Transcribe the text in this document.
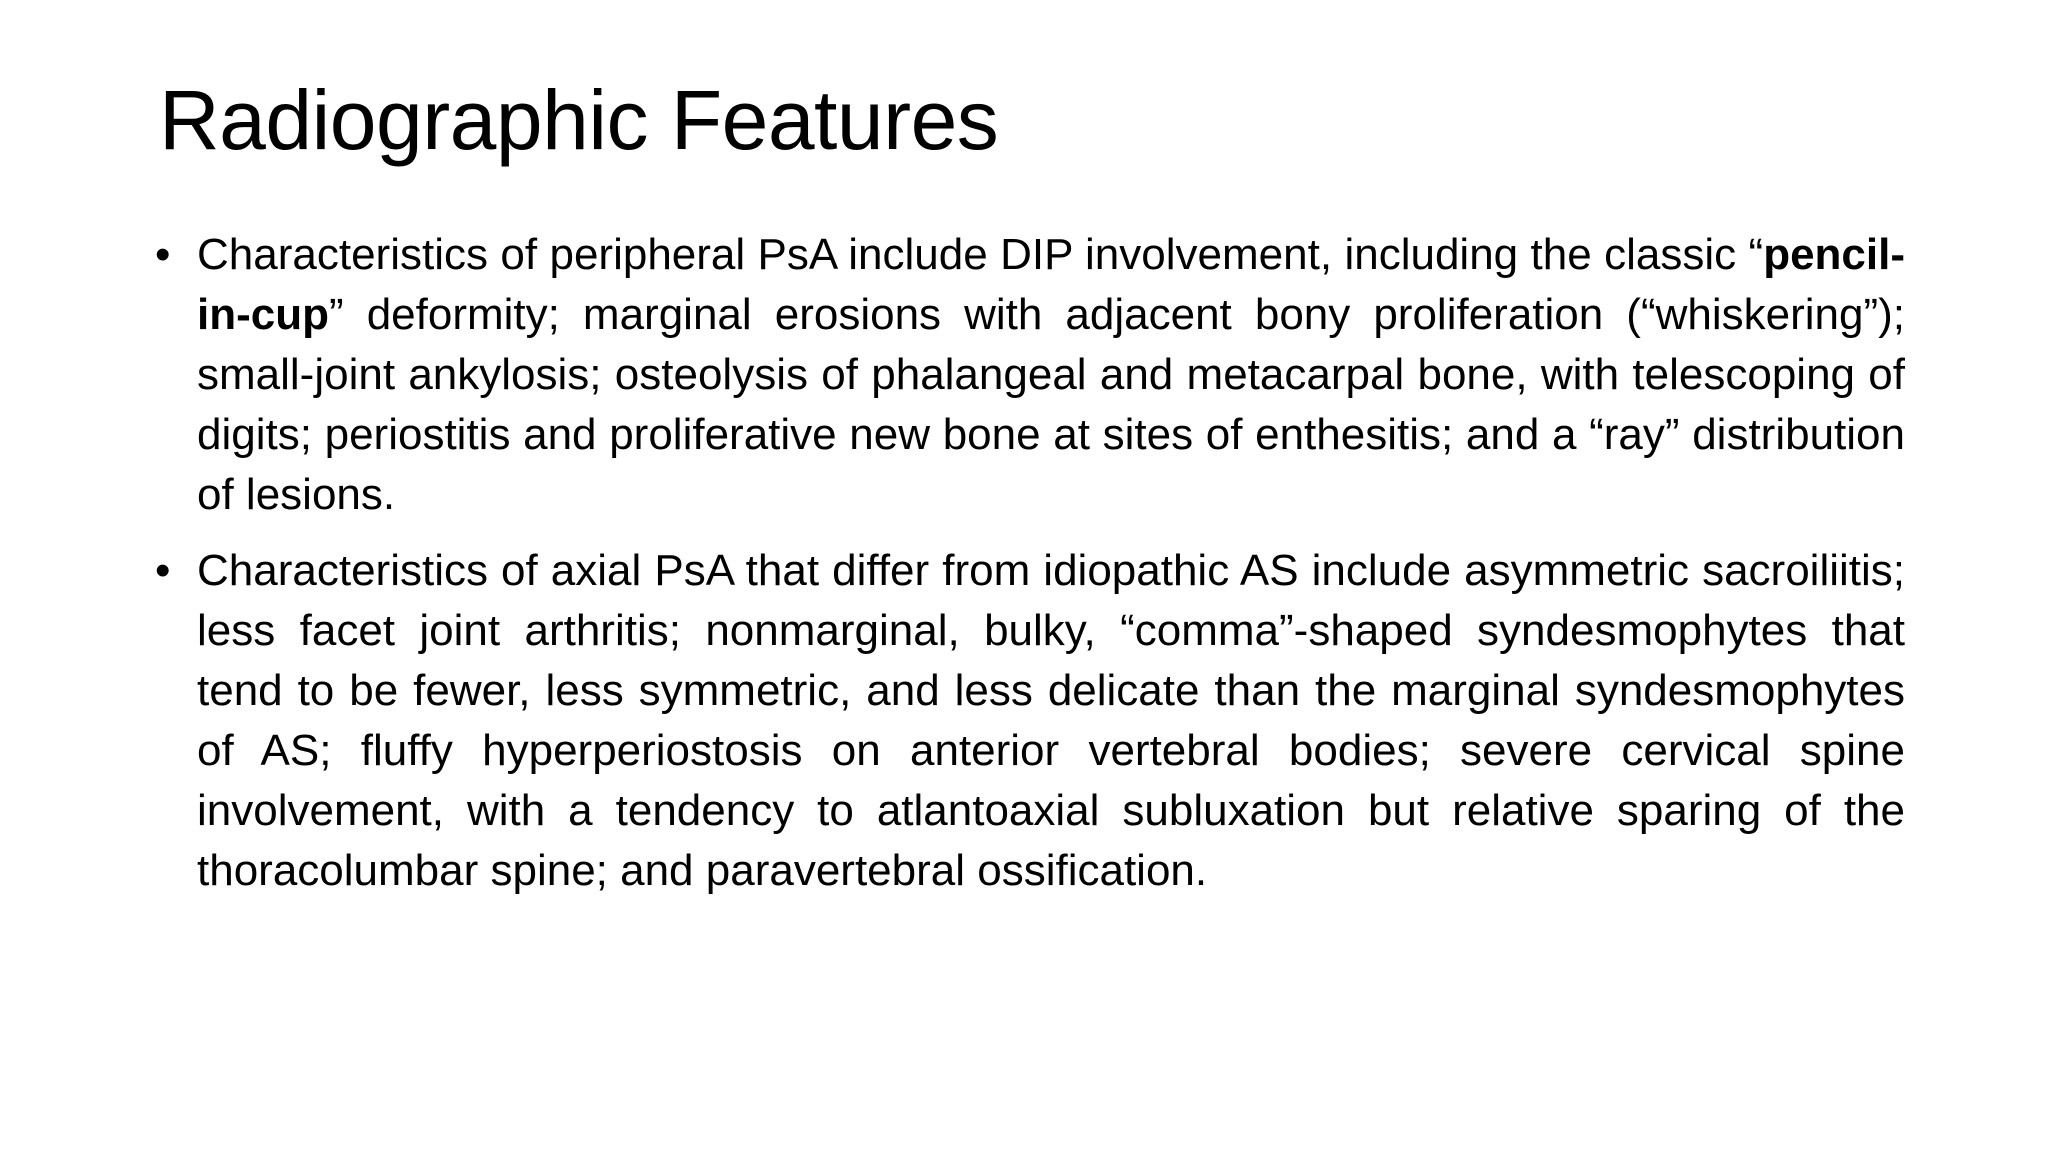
Radiographic Features
• Characteristics of peripheral PsA include DIP involvement, including the classic “pencil-in-cup” deformity; marginal erosions with adjacent bony proliferation (“whiskering”); small-joint ankylosis; osteolysis of phalangeal and metacarpal bone, with telescoping of digits; periostitis and proliferative new bone at sites of enthesitis; and a “ray” distribution of lesions.
• Characteristics of axial PsA that differ from idiopathic AS include asymmetric sacroiliitis; less facet joint arthritis; nonmarginal, bulky, “comma”-shaped syndesmophytes that tend to be fewer, less symmetric, and less delicate than the marginal syndesmophytes of AS; fluffy hyperperiostosis on anterior vertebral bodies; severe cervical spine involvement, with a tendency to atlantoaxial subluxation but relative sparing of the thoracolumbar spine; and paravertebral ossification.
